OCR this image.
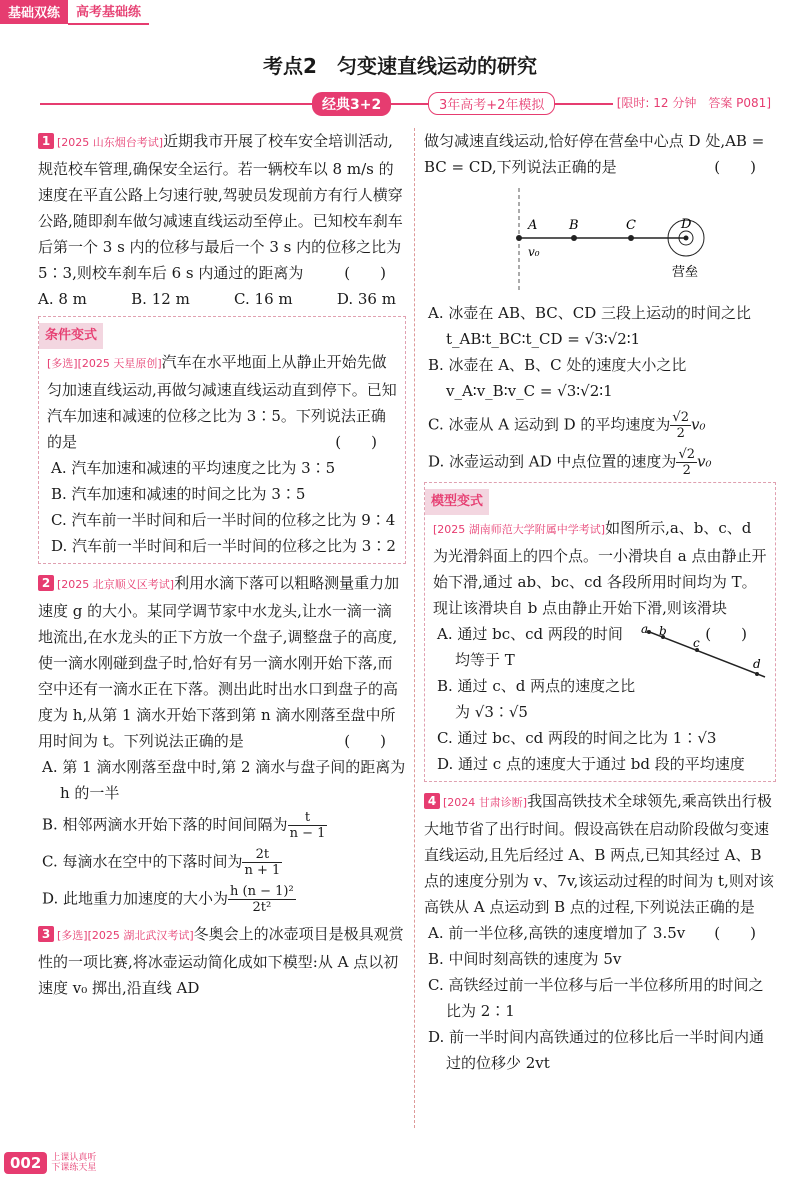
基础双练	高考基础练
考点2　匀变速直线运动的研究
经典3+2	3年高考+2年模拟	[限时: 12 分钟　答案 P081]

1 [2025 山东烟台考试]近期我市开展了校车安全培训活动,规范校车管理,确保安全运行。若一辆校车以 8 m/s 的速度在平直公路上匀速行驶,驾驶员发现前方有行人横穿公路,随即刹车做匀减速直线运动至停止。已知校车刹车后第一个 3 s 内的位移与最后一个 3 s 内的位移之比为 5∶3,则校车刹车后 6 s 内通过的距离为	(　　)

A. 8 m	B. 12 m	C. 16 m	D. 36 m
条件变式

[多选][2025 天星原创]汽车在水平地面上从静止开始先做匀加速直线运动,再做匀减速直线运动直到停下。已知汽车加速和减速的位移之比为 3∶5。下列说法正确的是	(　　)

A. 汽车加速和减速的平均速度之比为 3∶5

B. 汽车加速和减速的时间之比为 3∶5

C. 汽车前一半时间和后一半时间的位移之比为 9∶4

D. 汽车前一半时间和后一半时间的位移之比为 3∶2

2 [2025 北京顺义区考试]利用水滴下落可以粗略测量重力加速度 g 的大小。某同学调节家中水龙头,让水一滴一滴地流出,在水龙头的正下方放一个盘子,调整盘子的高度,使一滴水刚碰到盘子时,恰好有另一滴水刚开始下落,而空中还有一滴水正在下落。测出此时出水口到盘子的高度为 h,从第 1 滴水开始下落到第 n 滴水刚落至盘中所用时间为 t。下列说法正确的是	(　　)

A. 第 1 滴水刚落至盘中时,第 2 滴水与盘子间的距离为 h 的一半

B. 相邻两滴水开始下落的时间间隔为 $\frac{t}{n - 1}$

C. 每滴水在空中的下落时间为 $\frac{2t}{n + 1}$

D. 此地重力加速度的大小为 $\frac{\text{h (n − 1)²}}{\text{2t²}}$

3 [多选][2025 湖北武汉考试]冬奥会上的冰壶项目是极具观赏性的一项比赛,将冰壶运动简化成如下模型:从 A 点以初速度 v₀ 掷出,沿直线 AD

做匀减速直线运动,恰好停在营垒中心点 D 处,AB = BC = CD,下列说法正确的是	(　　)

A B	C	D
v₀
营垒

A. 冰壶在 AB、BC、CD 三段上运动的时间之比 t_AB∶t_BC∶t_CD = √3∶√2∶1

B. 冰壶在 A、B、C 处的速度大小之比 v_A∶v_B∶v_C = √3∶√2∶1

C. 冰壶从 A 运动到 D 的平均速度为 $\frac{√2}{2} v_0$

D. 冰壶运动到 AD 中点位置的速度为 $\frac{√2}{2} v_0$

模型变式

[2025 湖南师范大学附属中学考试]如图所示,a、b、c、d 为光滑斜面上的四个点。一小滑块自 a 点由静止开始下滑,通过 ab、bc、cd 各段所用时间均为 T。现让该滑块自 b 点由静止开始下滑,则该滑块
(　　)

a b
c
d

A. 通过 bc、cd 两段的时间均等于 T

B. 通过 c、d 两点的速度之比为 √3∶√5

C. 通过 bc、cd 两段的时间之比为 1∶√3

D. 通过 c 点的速度大于通过 bd 段的平均速度

4 [2024 甘肃诊断]我国高铁技术全球领先,乘高铁出行极大地节省了出行时间。假设高铁在启动阶段做匀变速直线运动,且先后经过 A、B 两点,已知其经过 A、B 点的速度分别为 v、7v,该运动过程的时间为 t,则对该高铁从 A 点运动到 B 点的过程,下列说法正确的是
(　　)

A. 前一半位移,高铁的速度增加了 3.5v

B. 中间时刻高铁的速度为 5v

C. 高铁经过前一半位移与后一半位移所用的时间之比为 2∶1

D. 前一半时间内高铁通过的位移比后一半时间内通过的位移少 2vt

002	上课认真听
下课练天星
